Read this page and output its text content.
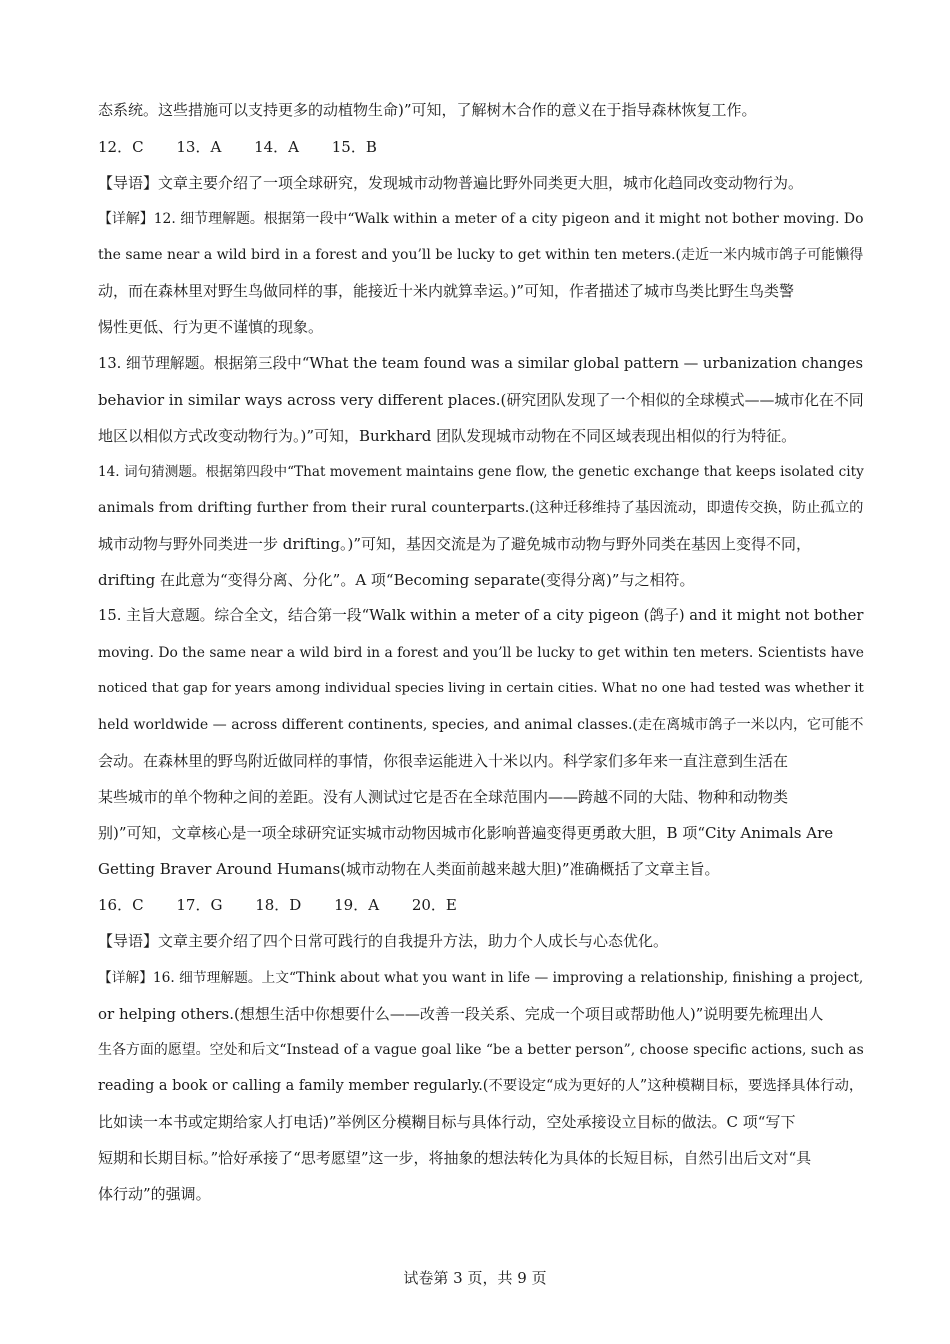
态系统。这些措施可以支持更多的动植物生命)”可知，了解树木合作的意义在于指导森林恢复工作。
12．C 13．A 14．A 15．B
【导语】文章主要介绍了一项全球研究，发现城市动物普遍比野外同类更大胆，城市化趋同改变动物行为。
【详解】12. 细节理解题。根据第一段中“Walk within a meter of a city pigeon and it might not bother moving. Do
the same near a wild bird in a forest and you’ll be lucky to get within ten meters.(走近一米内城市鸽子可能懒得
动，而在森林里对野生鸟做同样的事，能接近十米内就算幸运。)”可知，作者描述了城市鸟类比野生鸟类警
惕性更低、行为更不谨慎的现象。
13. 细节理解题。根据第三段中“What the team found was a similar global pattern — urbanization changes
behavior in similar ways across very different places.(研究团队发现了一个相似的全球模式——城市化在不同
地区以相似方式改变动物行为。)”可知，Burkhard 团队发现城市动物在不同区域表现出相似的行为特征。
14. 词句猜测题。根据第四段中“That movement maintains gene flow, the genetic exchange that keeps isolated city
animals from drifting further from their rural counterparts.(这种迁移维持了基因流动，即遗传交换，防止孤立的
城市动物与野外同类进一步 drifting。)”可知，基因交流是为了避免城市动物与野外同类在基因上变得不同，
drifting 在此意为“变得分离、分化”。A 项“Becoming separate(变得分离)”与之相符。
15. 主旨大意题。综合全文，结合第一段“Walk within a meter of a city pigeon (鸽子) and it might not bother
moving. Do the same near a wild bird in a forest and you’ll be lucky to get within ten meters. Scientists have
noticed that gap for years among individual species living in certain cities. What no one had tested was whether it
held worldwide — across different continents, species, and animal classes.(走在离城市鸽子一米以内，它可能不
会动。在森林里的野鸟附近做同样的事情，你很幸运能进入十米以内。科学家们多年来一直注意到生活在
某些城市的单个物种之间的差距。没有人测试过它是否在全球范围内——跨越不同的大陆、物种和动物类
别)”可知，文章核心是一项全球研究证实城市动物因城市化影响普遍变得更勇敢大胆，B 项“City Animals Are
Getting Braver Around Humans(城市动物在人类面前越来越大胆)”准确概括了文章主旨。
16．C 17．G 18．D 19．A 20．E
【导语】文章主要介绍了四个日常可践行的自我提升方法，助力个人成长与心态优化。
【详解】16. 细节理解题。上文“Think about what you want in life — improving a relationship, finishing a project,
or helping others.(想想生活中你想要什么——改善一段关系、完成一个项目或帮助他人)”说明要先梳理出人
生各方面的愿望。空处和后文“Instead of a vague goal like “be a better person”, choose specific actions, such as
reading a book or calling a family member regularly.(不要设定“成为更好的人”这种模糊目标，要选择具体行动，
比如读一本书或定期给家人打电话)”举例区分模糊目标与具体行动，空处承接设立目标的做法。C 项“写下
短期和长期目标。”恰好承接了“思考愿望”这一步，将抽象的想法转化为具体的长短目标，自然引出后文对“具
体行动”的强调。
试卷第 3 页，共 9 页
